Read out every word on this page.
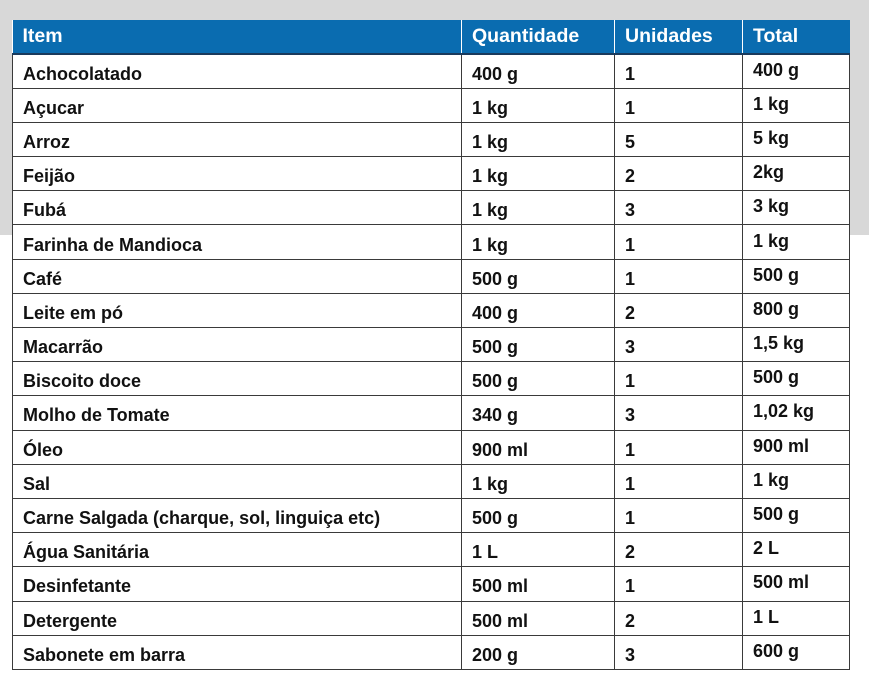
Item	Quantidade	Unidades	Total
Achocolatado	400 g	1	400 g
Açucar	1 kg	1	1 kg
Arroz	1 kg	5	5 kg
Feijão	1 kg	2	2kg
Fubá	1 kg	3	3 kg
Farinha de Mandioca	1 kg	1	1 kg
Café	500 g	1	500 g
Leite em pó	400 g	2	800 g
Macarrão	500 g	3	1,5 kg
Biscoito doce	500 g	1	500 g
Molho de Tomate	340 g	3	1,02 kg
Óleo	900 ml	1	900 ml
Sal	1 kg	1	1 kg
Carne Salgada (charque, sol, linguiça etc)	500 g	1	500 g
Água Sanitária	1 L	2	2 L
Desinfetante	500 ml	1	500 ml
Detergente	500 ml	2	1 L
Sabonete em barra	200 g	3	600 g
